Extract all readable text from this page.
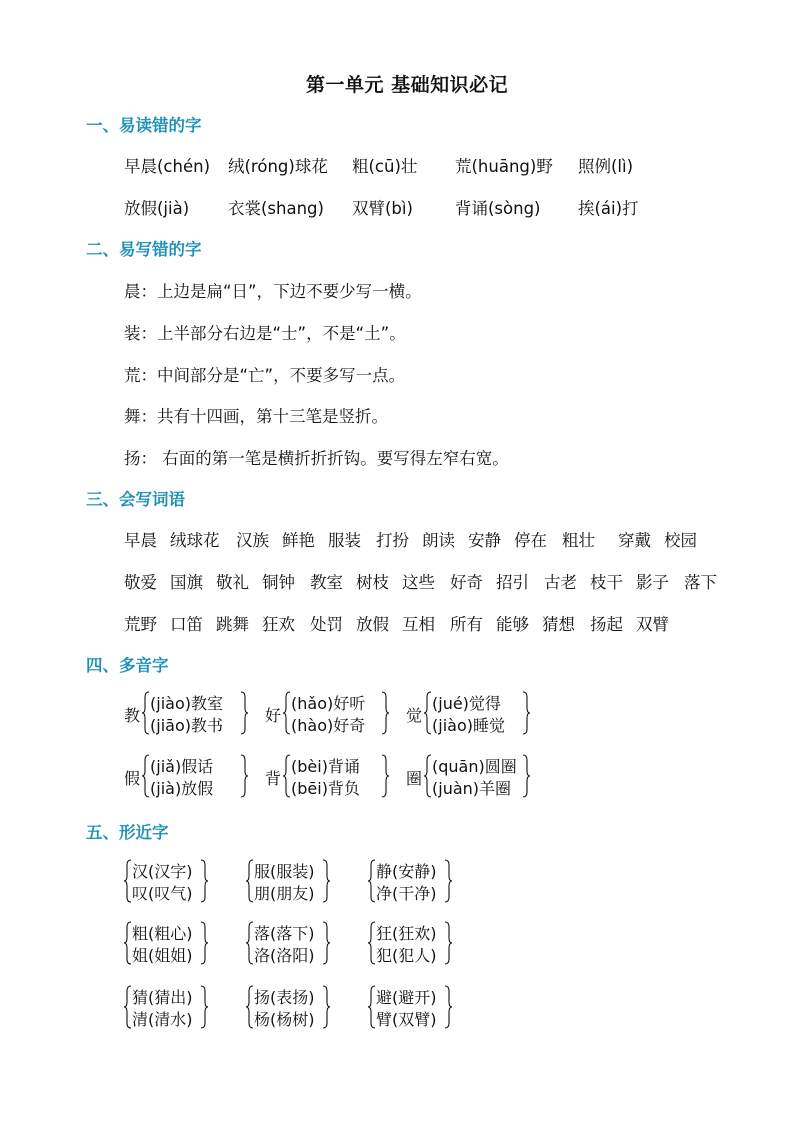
第一单元 基础知识必记
一、易读错的字
早晨(chén) 绒(róng)球花 粗(cū)壮 荒(huāng)野 照例(lì)
放假(jià) 衣裳(shang) 双臂(bì)	背诵(sòng) 挨(ái)打
二、易写错的字
晨：上边是扁“日”，下边不要少写一横。
装：上半部分右边是“士”，不是“土”。
荒：中间部分是“亡”，不要多写一点。
舞：共有十四画，第十三笔是竖折。
扬： 右面的第一笔是横折折折钩。要写得左窄右宽。
三、会写词语
早晨 绒球花 汉族 鲜艳 服装 打扮 朗读 安静 停在 粗壮 穿戴 校园
敬爱 国旗 敬礼 铜钟 教室 树枝 这些 好奇 招引 古老 枝干 影子 落下
荒野 口笛 跳舞 狂欢 处罚 放假 互相 所有 能够 猜想 扬起 双臂
四、多音字
教
(jiào)教室
(jiāo)教书
好
(hǎo)好听
(hào)好奇
觉
(jué)觉得
(jiào)睡觉
假
(jiǎ)假话
(jià)放假
背
(bèi)背诵
(bēi)背负
圈
(quān)圆圈
(juàn)羊圈
五、形近字
汉(汉字)
叹(叹气)
服(服装)
朋(朋友)
静(安静)
净(干净)
粗(粗心)
姐(姐姐)
落(落下)
洛(洛阳)
狂(狂欢)
犯(犯人)
猜(猜出)
清(清水)
扬(表扬)
杨(杨树)
避(避开)
臂(双臂)
